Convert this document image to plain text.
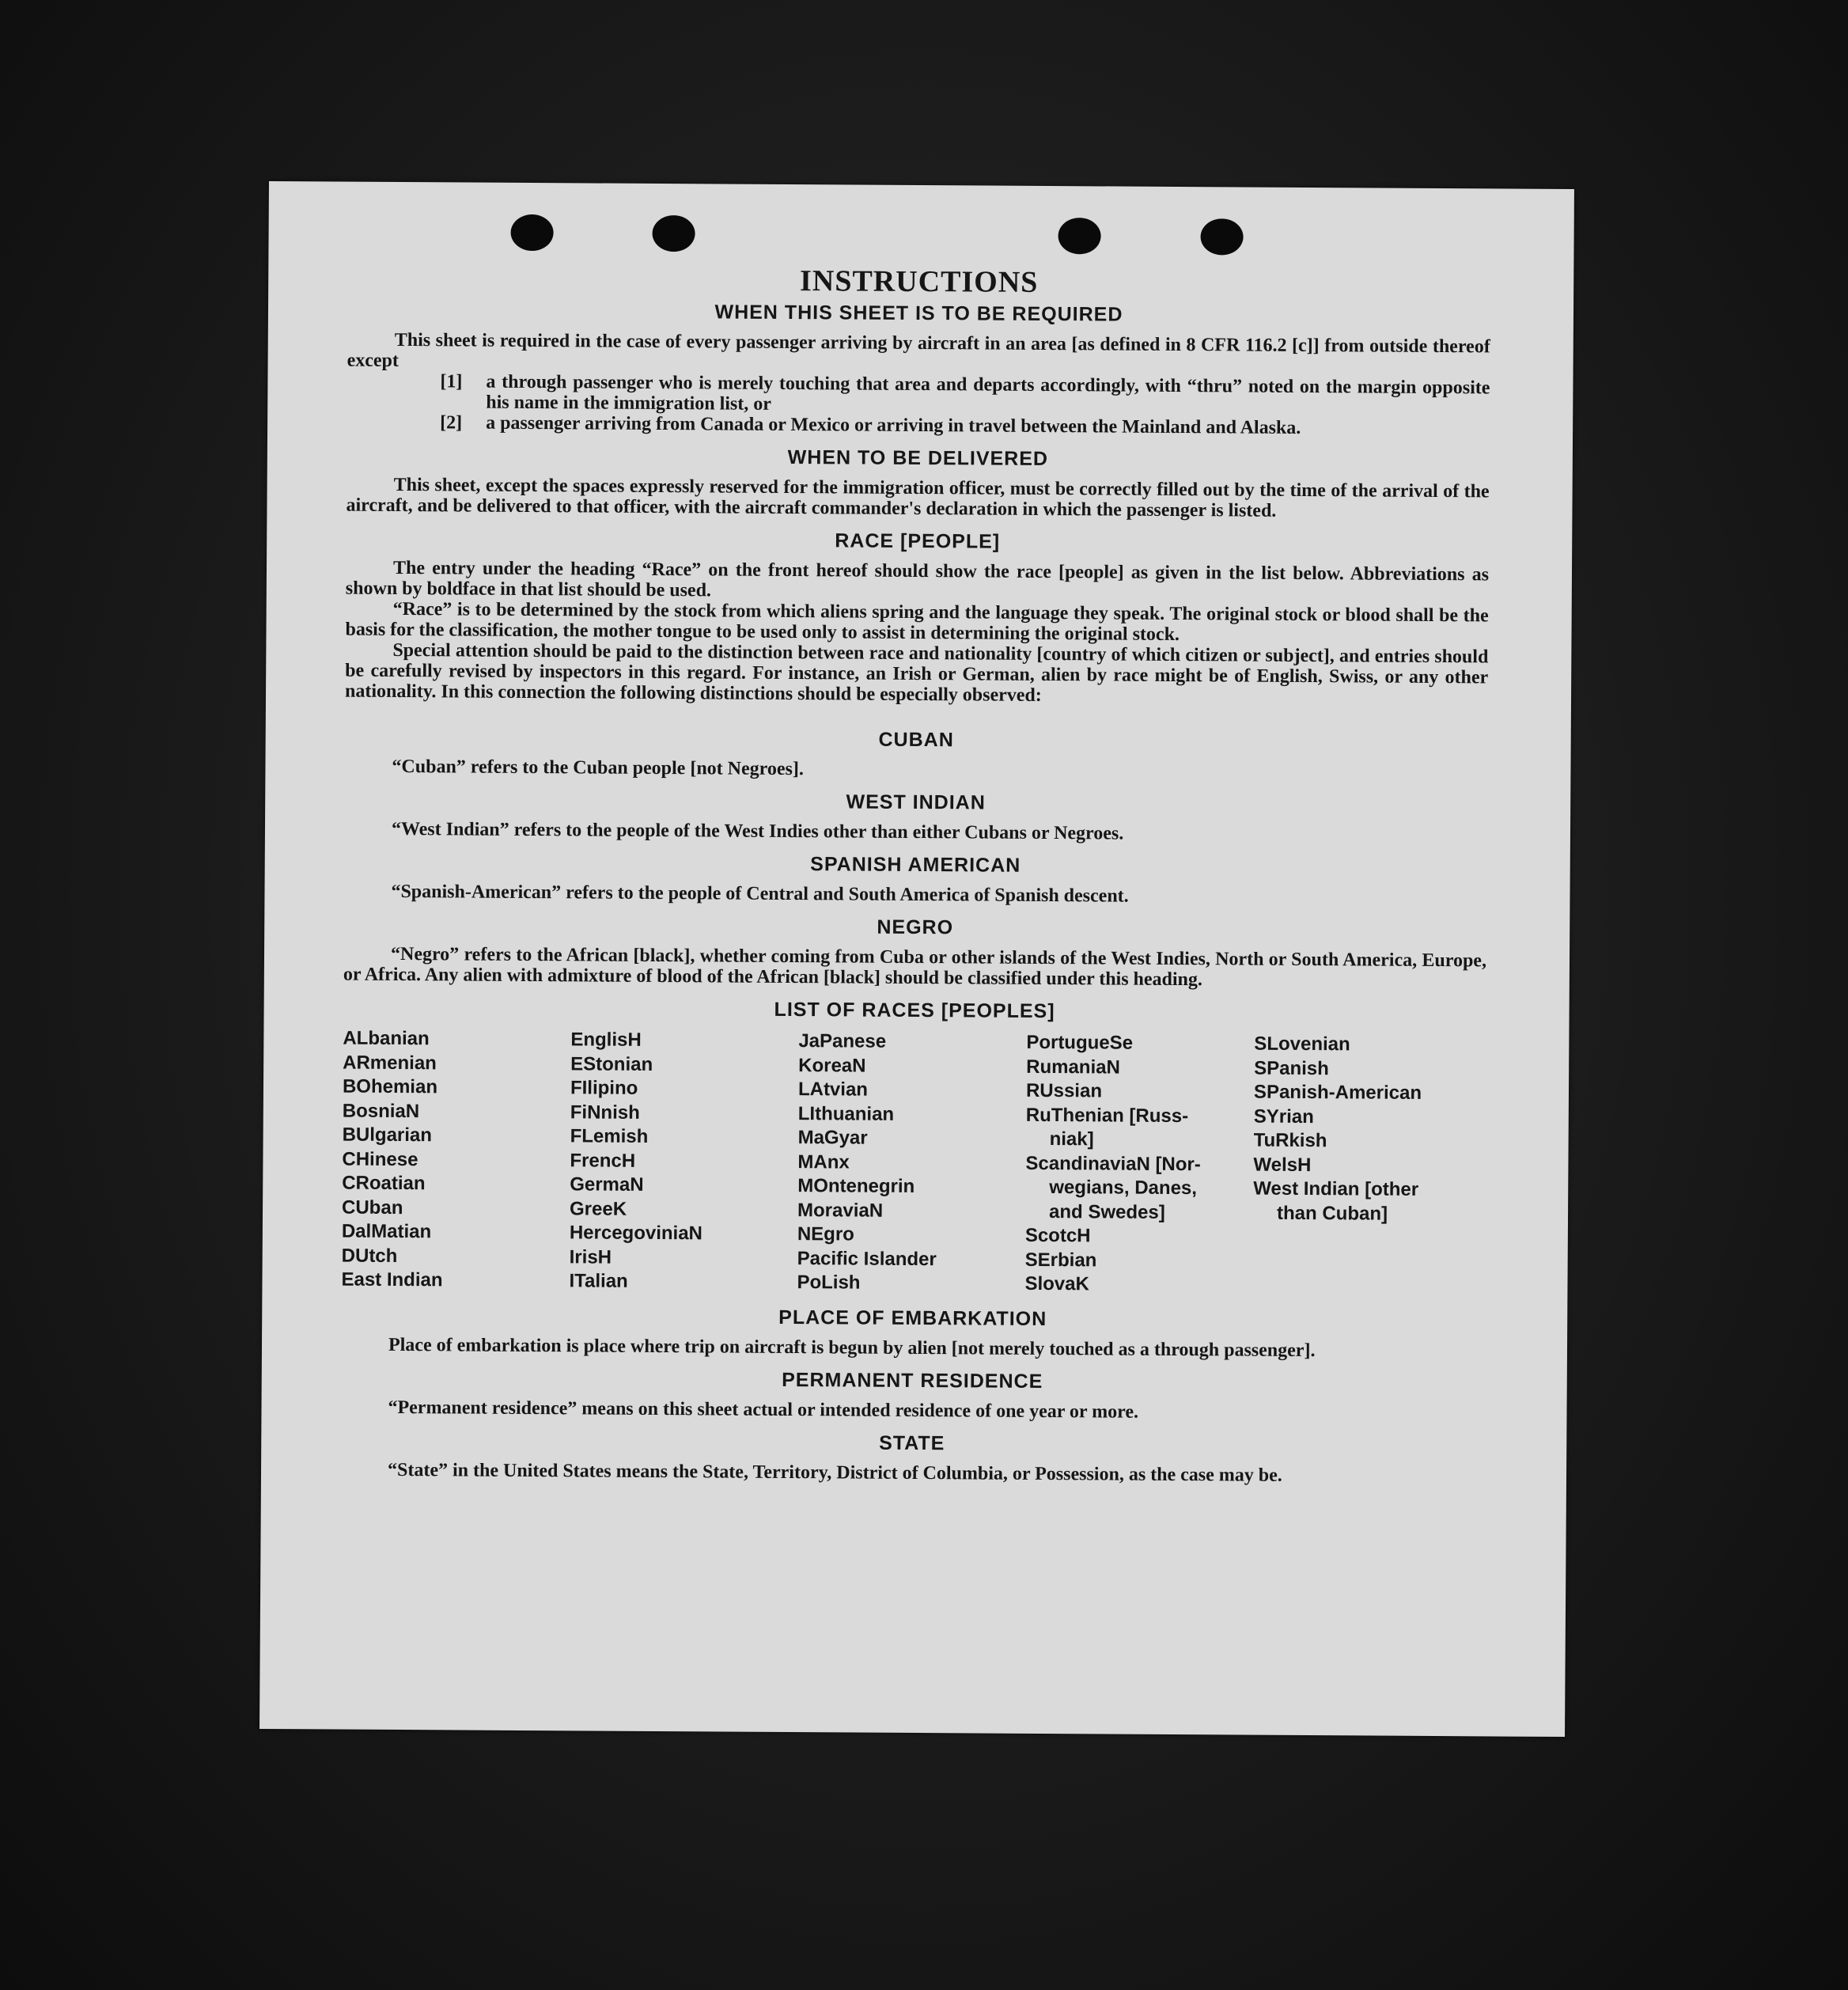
INSTRUCTIONS
WHEN THIS SHEET IS TO BE REQUIRED

This sheet is required in the case of every passenger arriving by aircraft in an area [as defined in 8 CFR 116.2 [c]] from outside thereof except

[1]	a through passenger who is merely touching that area and departs accordingly, with “thru” noted on the margin opposite his name in the immigration list, or
[2]	a passenger arriving from Canada or Mexico or arriving in travel between the Mainland and Alaska.
WHEN TO BE DELIVERED

This sheet, except the spaces expressly reserved for the immigration officer, must be correctly filled out by the time of the arrival of the aircraft, and be delivered to that officer, with the aircraft commander's declaration in which the passenger is listed.

RACE [PEOPLE]

The entry under the heading “Race” on the front hereof should show the race [people] as given in the list below. Abbreviations as shown by boldface in that list should be used.

“Race” is to be determined by the stock from which aliens spring and the language they speak. The original stock or blood shall be the basis for the classification, the mother tongue to be used only to assist in determining the original stock.

Special attention should be paid to the distinction between race and nationality [country of which citizen or subject], and entries should be carefully revised by inspectors in this regard. For instance, an Irish or German, alien by race might be of English, Swiss, or any other nationality. In this connection the following distinctions should be especially observed:

CUBAN

“Cuban” refers to the Cuban people [not Negroes].

WEST INDIAN

“West Indian” refers to the people of the West Indies other than either Cubans or Negroes.

SPANISH AMERICAN

“Spanish-American” refers to the people of Central and South America of Spanish descent.

NEGRO

“Negro” refers to the African [black], whether coming from Cuba or other islands of the West Indies, North or South America, Europe, or Africa. Any alien with admixture of blood of the African [black] should be classified under this heading.

LIST OF RACES [PEOPLES]
ALbanian
ARmenian
BOhemian
BosniaN
BUlgarian
CHinese
CRoatian
CUban
DalMatian
DUtch
East Indian
EnglisH
EStonian
FIlipino
FiNnish
FLemish
FrencH
GermaN
GreeK
HercegoviniaN
IrisH
ITalian
JaPanese
KoreaN
LAtvian
LIthuanian
MaGyar
MAnx
MOntenegrin
MoraviaN
NEgro
Pacific Islander
PoLish
PortugueSe
RumaniaN
RUssian
RuThenian [Russ-
niak]
ScandinaviaN [Nor-
wegians, Danes,
and Swedes]
ScotcH
SErbian
SlovaK
SLovenian
SPanish
SPanish-American
SYrian
TuRkish
WelsH
West Indian [other
than Cuban]
PLACE OF EMBARKATION

Place of embarkation is place where trip on aircraft is begun by alien [not merely touched as a through passenger].

PERMANENT RESIDENCE

“Permanent residence” means on this sheet actual or intended residence of one year or more.

STATE

“State” in the United States means the State, Territory, District of Columbia, or Possession, as the case may be.
